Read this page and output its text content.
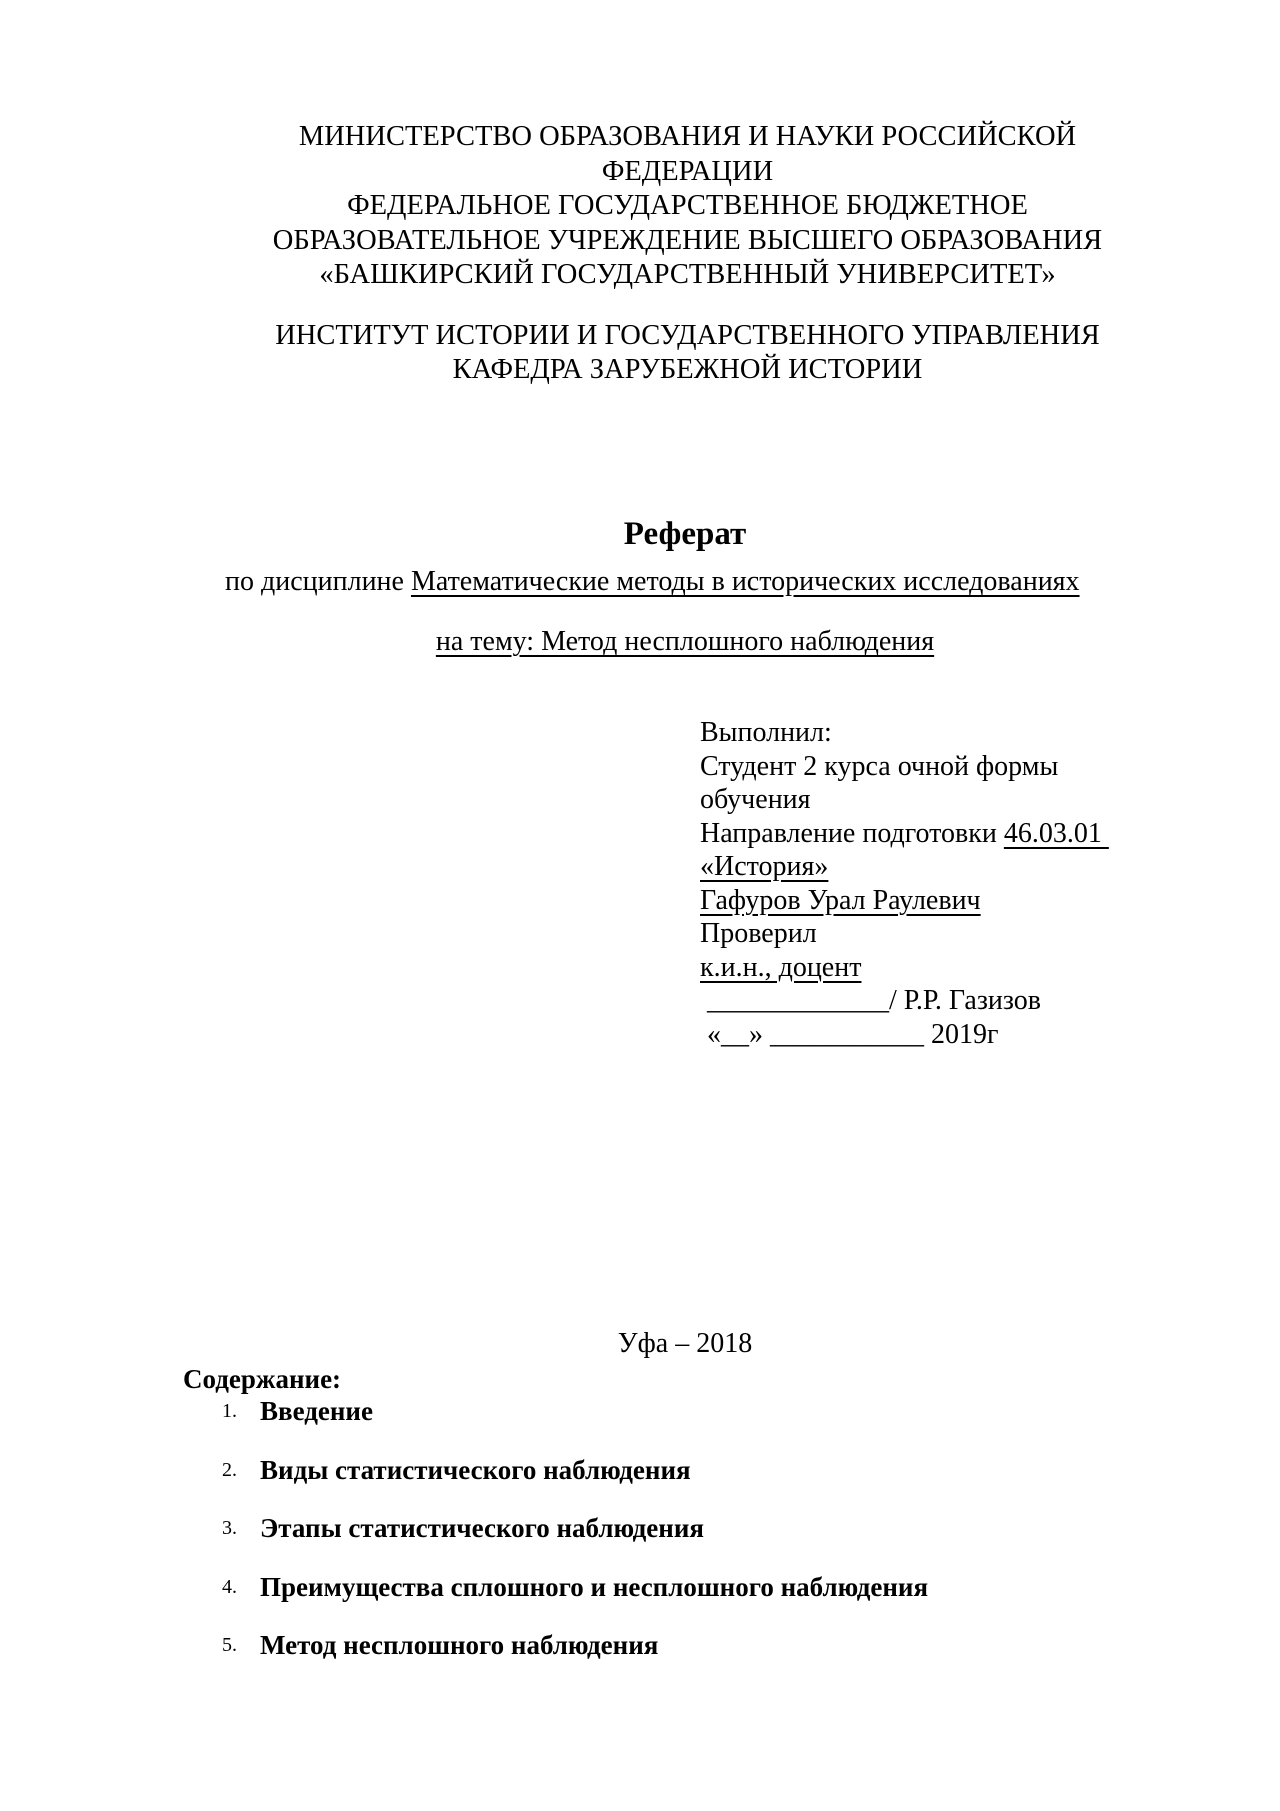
МИНИСТЕРСТВО ОБРАЗОВАНИЯ И НАУКИ РОССИЙСКОЙ
ФЕДЕРАЦИИ
ФЕДЕРАЛЬНОЕ ГОСУДАРСТВЕННОЕ БЮДЖЕТНОЕ
ОБРАЗОВАТЕЛЬНОЕ УЧРЕЖДЕНИЕ ВЫСШЕГО ОБРАЗОВАНИЯ
«БАШКИРСКИЙ ГОСУДАРСТВЕННЫЙ УНИВЕРСИТЕТ»
ИНСТИТУТ ИСТОРИИ И ГОСУДАРСТВЕННОГО УПРАВЛЕНИЯ
КАФЕДРА ЗАРУБЕЖНОЙ ИСТОРИИ
Реферат
по дисциплине Математические методы в исторических исследованиях
на тему: Метод несплошного наблюдения
Выполнил:
Студент 2 курса очной формы
обучения
Направление подготовки 46.03.01
«История»
Гафуров Урал Раулевич
Проверил
к.и.н., доцент
_____________/ Р.Р. Газизов
«__» ___________ 2019г
Уфа – 2018
Содержание:
1. Введение
2. Виды статистического наблюдения
3. Этапы статистического наблюдения
4. Преимущества сплошного и несплошного наблюдения
5. Метод несплошного наблюдения
